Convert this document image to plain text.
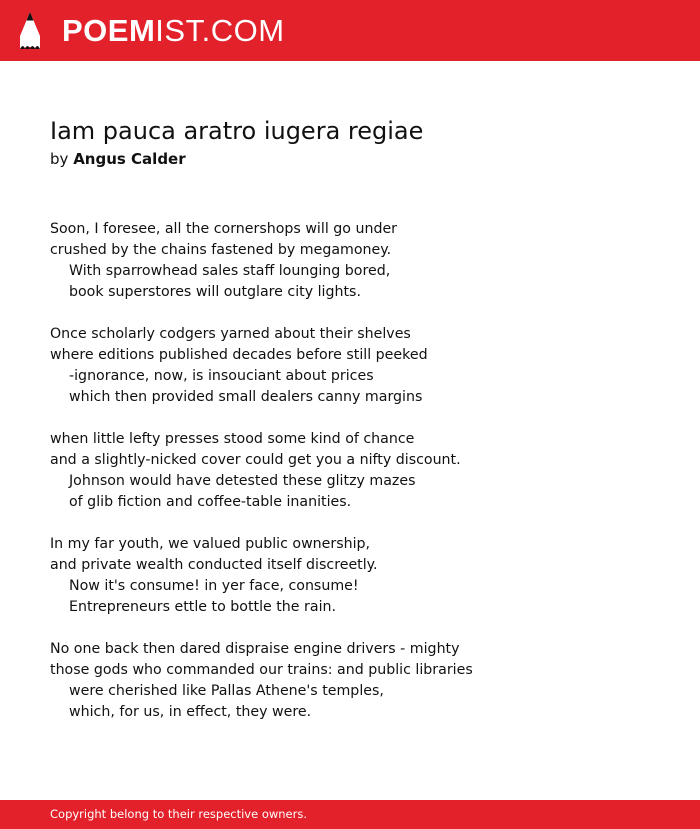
POEM IST.COM
Iam pauca aratro iugera regiae
by Angus Calder
Soon, I foresee, all the cornershops will go under
crushed by the chains fastened by megamoney.
With sparrowhead sales staff lounging bored,
book superstores will outglare city lights.
Once scholarly codgers yarned about their shelves
where editions published decades before still peeked
-ignorance, now, is insouciant about prices
which then provided small dealers canny margins
when little lefty presses stood some kind of chance
and a slightly-nicked cover could get you a nifty discount.
Johnson would have detested these glitzy mazes
of glib fiction and coffee-table inanities.
In my far youth, we valued public ownership,
and private wealth conducted itself discreetly.
Now it's consume! in yer face, consume!
Entrepreneurs ettle to bottle the rain.
No one back then dared dispraise engine drivers - mighty
those gods who commanded our trains: and public libraries
were cherished like Pallas Athene's temples,
which, for us, in effect, they were.
Copyright belong to their respective owners.
